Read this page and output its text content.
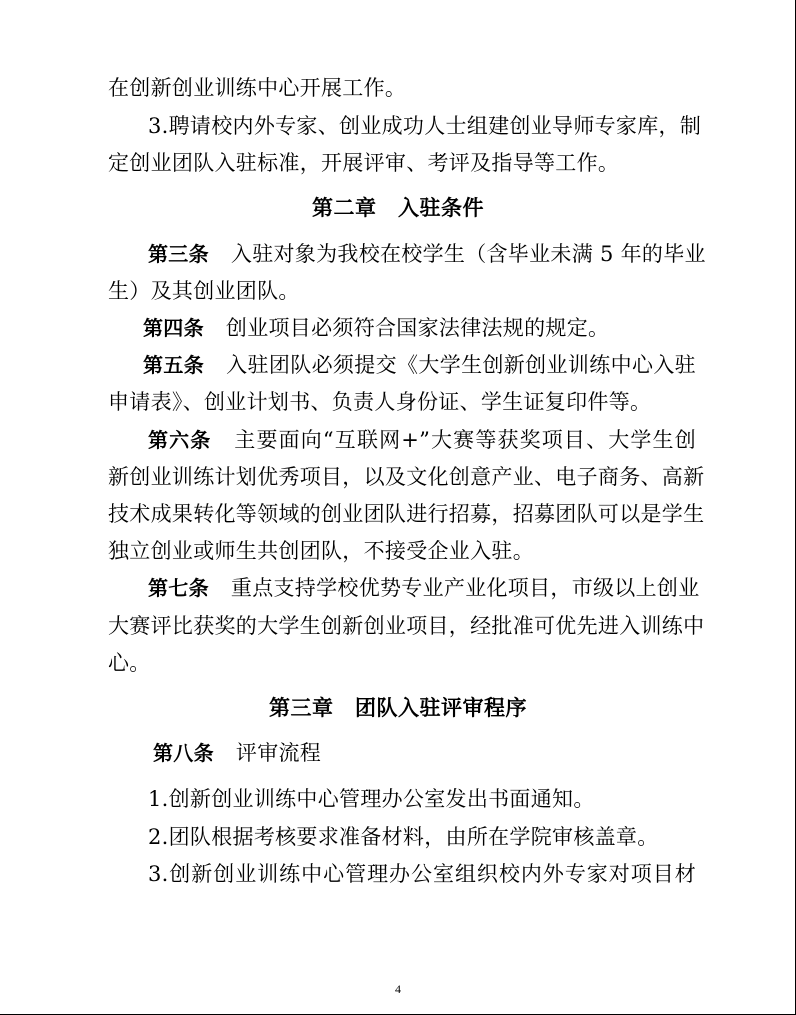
在创新创业训练中心开展工作。
3.聘请校内外专家、创业成功人士组建创业导师专家库，制
定创业团队入驻标准，开展评审、考评及指导等工作。
第二章　入驻条件
第三条 入驻对象为我校在校学生（含毕业未满 5 年的毕业
生）及其创业团队。
第四条 创业项目必须符合国家法律法规的规定。
第五条 入驻团队必须提交《大学生创新创业训练中心入驻
申请表》、创业计划书、负责人身份证、学生证复印件等。
第六条 主要面向“互联网+”大赛等获奖项目、大学生创
新创业训练计划优秀项目，以及文化创意产业、电子商务、高新
技术成果转化等领域的创业团队进行招募，招募团队可以是学生
独立创业或师生共创团队，不接受企业入驻。
第七条 重点支持学校优势专业产业化项目，市级以上创业
大赛评比获奖的大学生创新创业项目，经批准可优先进入训练中
心。
第三章　团队入驻评审程序
第八条 评审流程
1.创新创业训练中心管理办公室发出书面通知。
2.团队根据考核要求准备材料，由所在学院审核盖章。
3.创新创业训练中心管理办公室组织校内外专家对项目材
4
